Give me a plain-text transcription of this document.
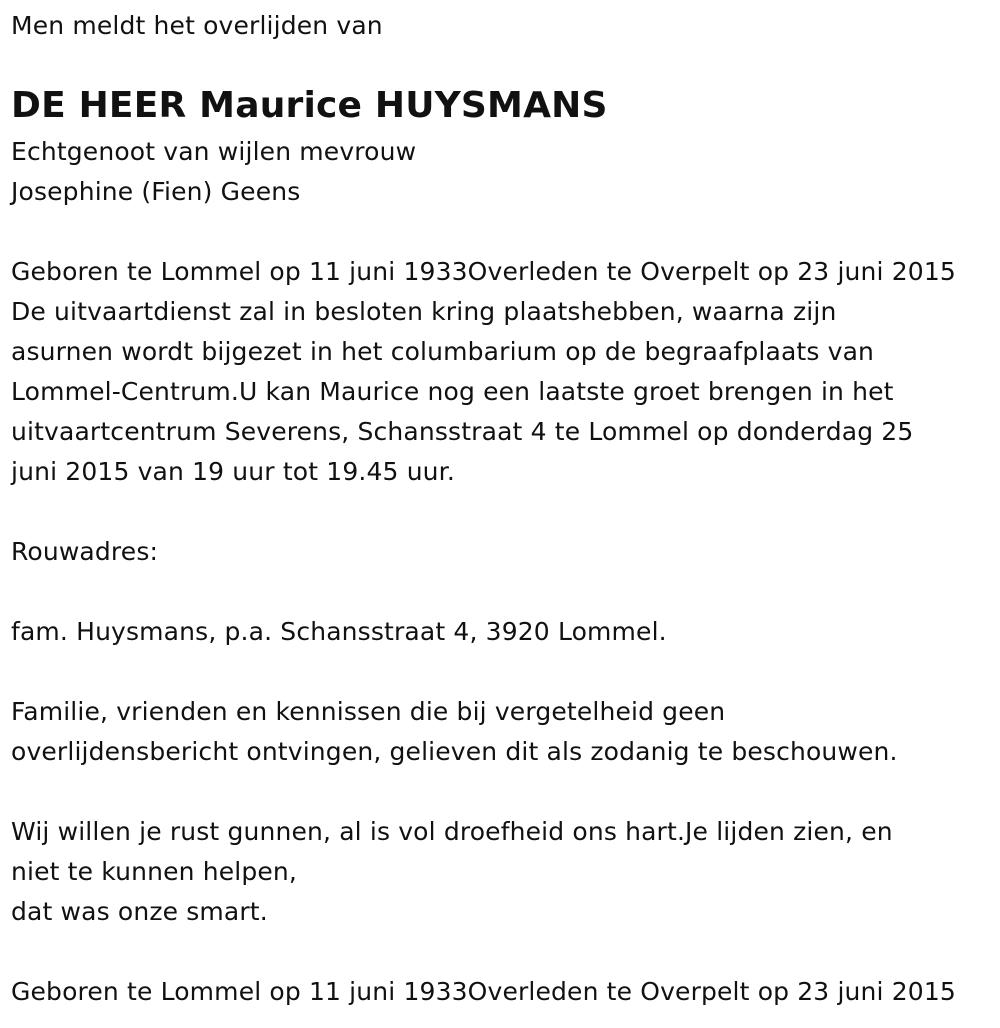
Men meldt het overlijden van
DE HEER Maurice HUYSMANS
Echtgenoot van wijlen mevrouw
Josephine (Fien) Geens
Geboren te Lommel op 11 juni 1933Overleden te Overpelt op 23 juni 2015
De uitvaartdienst zal in besloten kring plaatshebben, waarna zijn
asurnen wordt bijgezet in het columbarium op de begraafplaats van
Lommel-Centrum.U kan Maurice nog een laatste groet brengen in het
uitvaartcentrum Severens, Schansstraat 4 te Lommel op donderdag 25
juni 2015 van 19 uur tot 19.45 uur.
Rouwadres:
fam. Huysmans, p.a. Schansstraat 4, 3920 Lommel.
Familie, vrienden en kennissen die bij vergetelheid geen
overlijdensbericht ontvingen, gelieven dit als zodanig te beschouwen.
Wij willen je rust gunnen, al is vol droefheid ons hart.Je lijden zien, en
niet te kunnen helpen,
dat was onze smart.
Geboren te Lommel op 11 juni 1933Overleden te Overpelt op 23 juni 2015
